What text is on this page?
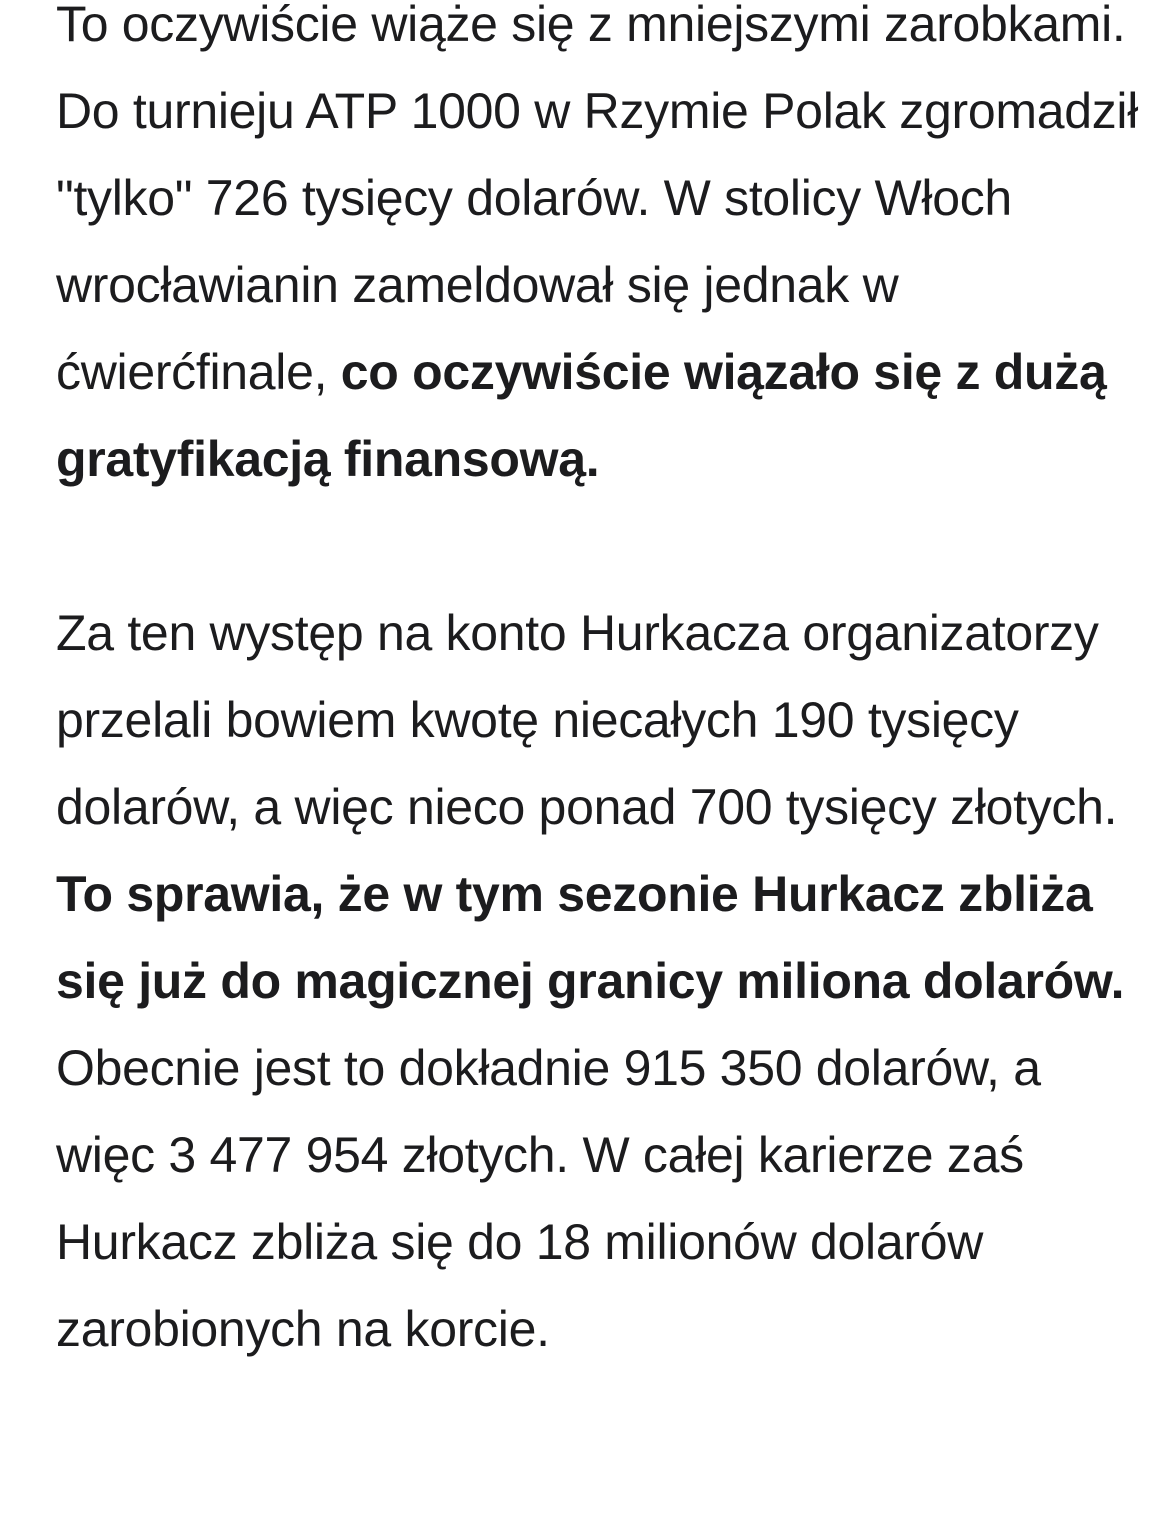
To oczywiście wiąże się z mniejszymi zarobkami. Do turnieju ATP 1000 w Rzymie Polak zgromadził "tylko" 726 tysięcy dolarów. W stolicy Włoch wrocławianin zameldował się jednak w ćwierćfinale, co oczywiście wiązało się z dużą gratyfikacją finansową.

Za ten występ na konto Hurkacza organizatorzy przelali bowiem kwotę niecałych 190 tysięcy dolarów, a więc nieco ponad 700 tysięcy złotych. To sprawia, że w tym sezonie Hurkacz zbliża się już do magicznej granicy miliona dolarów. Obecnie jest to dokładnie 915 350 dolarów, a więc 3 477 954 złotych. W całej karierze zaś Hurkacz zbliża się do 18 milionów dolarów zarobionych na korcie.
